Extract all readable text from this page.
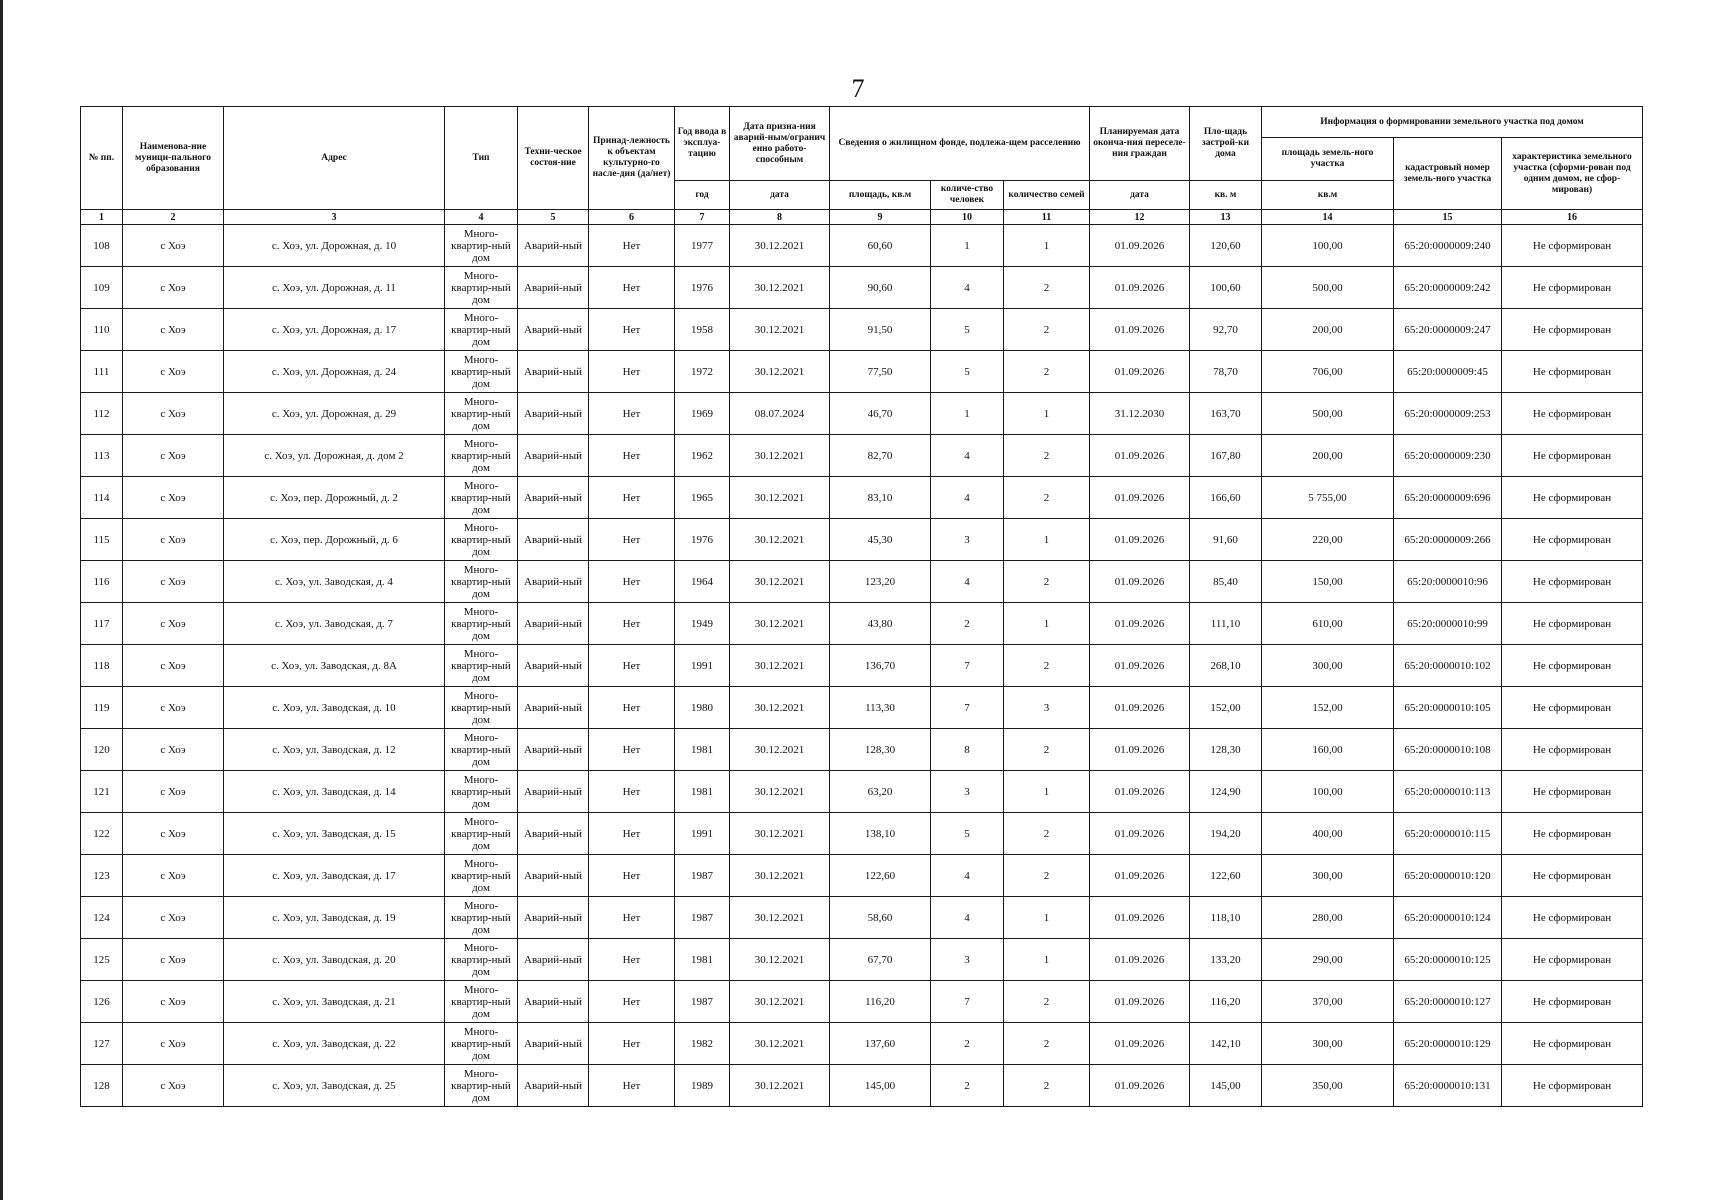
7
№ пп.	Наименова-ние муници-пального образования	Адрес	Тип	Техни-ческое состоя-ние	Принад-лежность к объектам культурно-го насле-дия (да/нет)	Год ввода в эксплуа-тацию	Дата призна-ния аварий-ным/огранич енно работо-способным	Сведения о жилищном фонде, подлежа-щем расселению			Планируемая дата оконча-ния переселе-ния граждан	Пло-щадь застрой-ки дома	Информация о формировании земельного участка под домом		
													площадь земель-ного участка	кадастровый номер земель-ного участка	характеристика земельного участка (сформи-рован под одним домом, не сфор-мирован)
						год	дата	площадь, кв.м	количе-ство человек	количество семей	дата	кв. м	кв.м		
1	2	3	4	5	6	7	8	9	10	11	12	13	14	15	16
108	с Хоэ	с. Хоэ, ул. Дорожная, д. 10	Много-квартир-ный дом	Аварий-ный	Нет	1977	30.12.2021	60,60	1	1	01.09.2026	120,60	100,00	65:20:0000009:240	Не сформирован
109	с Хоэ	с. Хоэ, ул. Дорожная, д. 11	Много-квартир-ный дом	Аварий-ный	Нет	1976	30.12.2021	90,60	4	2	01.09.2026	100,60	500,00	65:20:0000009:242	Не сформирован
110	с Хоэ	с. Хоэ, ул. Дорожная, д. 17	Много-квартир-ный дом	Аварий-ный	Нет	1958	30.12.2021	91,50	5	2	01.09.2026	92,70	200,00	65:20:0000009:247	Не сформирован
111	с Хоэ	с. Хоэ, ул. Дорожная, д. 24	Много-квартир-ный дом	Аварий-ный	Нет	1972	30.12.2021	77,50	5	2	01.09.2026	78,70	706,00	65:20:0000009:45	Не сформирован
112	с Хоэ	с. Хоэ, ул. Дорожная, д. 29	Много-квартир-ный дом	Аварий-ный	Нет	1969	08.07.2024	46,70	1	1	31.12.2030	163,70	500,00	65:20:0000009:253	Не сформирован
113	с Хоэ	с. Хоэ, ул. Дорожная, д. дом 2	Много-квартир-ный дом	Аварий-ный	Нет	1962	30.12.2021	82,70	4	2	01.09.2026	167,80	200,00	65:20:0000009:230	Не сформирован
114	с Хоэ	с. Хоэ, пер. Дорожный, д. 2	Много-квартир-ный дом	Аварий-ный	Нет	1965	30.12.2021	83,10	4	2	01.09.2026	166,60	5 755,00	65:20:0000009:696	Не сформирован
115	с Хоэ	с. Хоэ, пер. Дорожный, д. 6	Много-квартир-ный дом	Аварий-ный	Нет	1976	30.12.2021	45,30	3	1	01.09.2026	91,60	220,00	65:20:0000009:266	Не сформирован
116	с Хоэ	с. Хоэ, ул. Заводская, д. 4	Много-квартир-ный дом	Аварий-ный	Нет	1964	30.12.2021	123,20	4	2	01.09.2026	85,40	150,00	65:20:0000010:96	Не сформирован
117	с Хоэ	с. Хоэ, ул. Заводская, д. 7	Много-квартир-ный дом	Аварий-ный	Нет	1949	30.12.2021	43,80	2	1	01.09.2026	111,10	610,00	65:20:0000010:99	Не сформирован
118	с Хоэ	с. Хоэ, ул. Заводская, д. 8А	Много-квартир-ный дом	Аварий-ный	Нет	1991	30.12.2021	136,70	7	2	01.09.2026	268,10	300,00	65:20:0000010:102	Не сформирован
119	с Хоэ	с. Хоэ, ул. Заводская, д. 10	Много-квартир-ный дом	Аварий-ный	Нет	1980	30.12.2021	113,30	7	3	01.09.2026	152,00	152,00	65:20:0000010:105	Не сформирован
120	с Хоэ	с. Хоэ, ул. Заводская, д. 12	Много-квартир-ный дом	Аварий-ный	Нет	1981	30.12.2021	128,30	8	2	01.09.2026	128,30	160,00	65:20:0000010:108	Не сформирован
121	с Хоэ	с. Хоэ, ул. Заводская, д. 14	Много-квартир-ный дом	Аварий-ный	Нет	1981	30.12.2021	63,20	3	1	01.09.2026	124,90	100,00	65:20:0000010:113	Не сформирован
122	с Хоэ	с. Хоэ, ул. Заводская, д. 15	Много-квартир-ный дом	Аварий-ный	Нет	1991	30.12.2021	138,10	5	2	01.09.2026	194,20	400,00	65:20:0000010:115	Не сформирован
123	с Хоэ	с. Хоэ, ул. Заводская, д. 17	Много-квартир-ный дом	Аварий-ный	Нет	1987	30.12.2021	122,60	4	2	01.09.2026	122,60	300,00	65:20:0000010:120	Не сформирован
124	с Хоэ	с. Хоэ, ул. Заводская, д. 19	Много-квартир-ный дом	Аварий-ный	Нет	1987	30.12.2021	58,60	4	1	01.09.2026	118,10	280,00	65:20:0000010:124	Не сформирован
125	с Хоэ	с. Хоэ, ул. Заводская, д. 20	Много-квартир-ный дом	Аварий-ный	Нет	1981	30.12.2021	67,70	3	1	01.09.2026	133,20	290,00	65:20:0000010:125	Не сформирован
126	с Хоэ	с. Хоэ, ул. Заводская, д. 21	Много-квартир-ный дом	Аварий-ный	Нет	1987	30.12.2021	116,20	7	2	01.09.2026	116,20	370,00	65:20:0000010:127	Не сформирован
127	с Хоэ	с. Хоэ, ул. Заводская, д. 22	Много-квартир-ный дом	Аварий-ный	Нет	1982	30.12.2021	137,60	2	2	01.09.2026	142,10	300,00	65:20:0000010:129	Не сформирован
128	с Хоэ	с. Хоэ, ул. Заводская, д. 25	Много-квартир-ный дом	Аварий-ный	Нет	1989	30.12.2021	145,00	2	2	01.09.2026	145,00	350,00	65:20:0000010:131	Не сформирован
